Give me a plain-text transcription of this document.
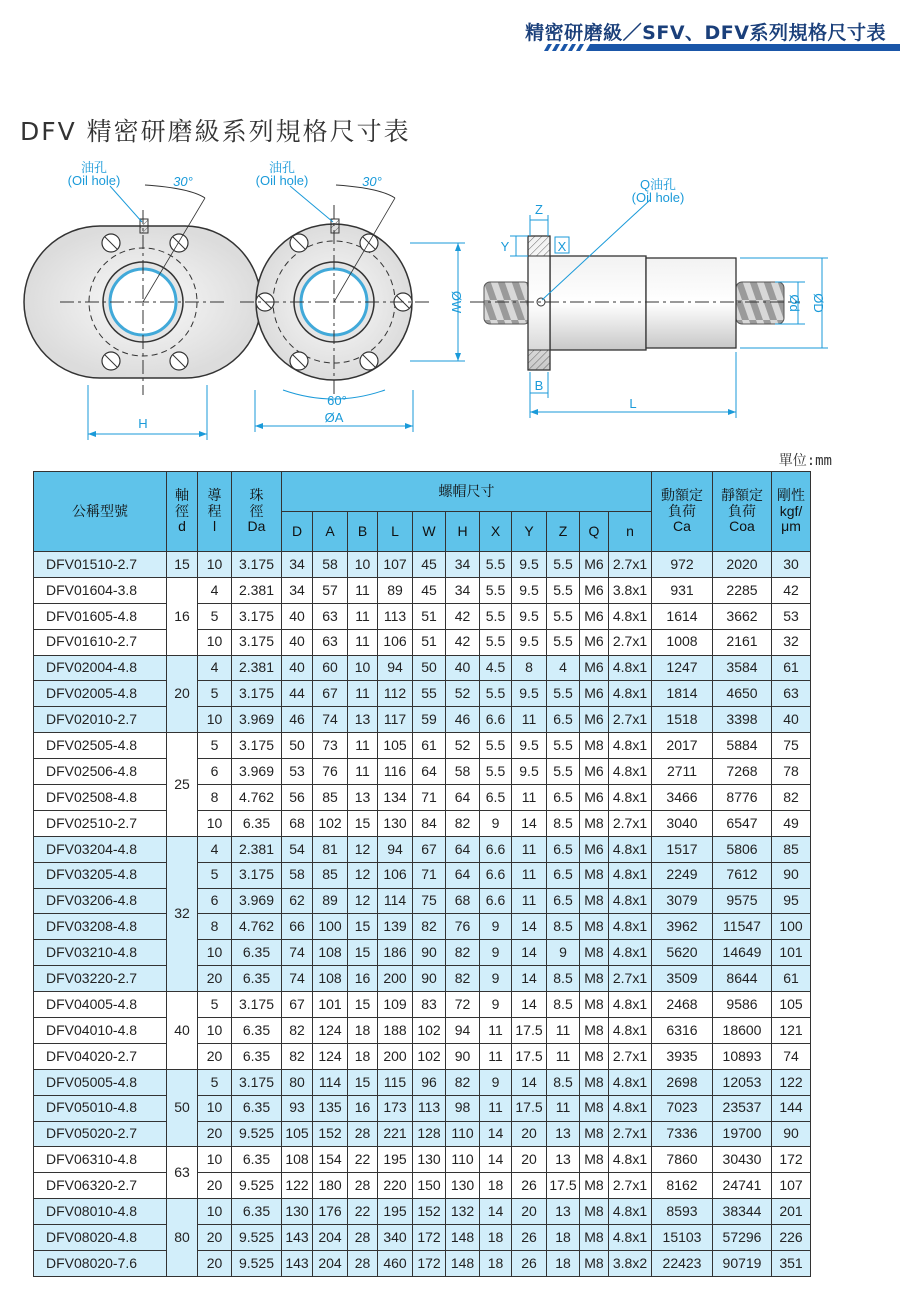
精密研磨級／SFV、DFV系列規格尺寸表
DFV 精密研磨級系列規格尺寸表
油孔
(Oil hole)	30°
H
油孔
(Oil hole)	30°
60°
ØA
ØW
Q油孔
(Oil hole)
Z
Y	X
B
L
Ød ØD
單位:mm
公稱型號	軸
徑
d	導
程
l	珠
徑
Da	螺帽尺寸											動額定
負荷
Ca	靜額定
負荷
Coa	剛性
kgf/
μm
				D	A	B	L	W	H	X	Y	Z	Q	n			
DFV01510-2.7	15	10	3.175	34	58	10	107	45	34	5.5	9.5	5.5	M6	2.7x1	972	2020	30
DFV01604-3.8	16	4	2.381	34	57	11	89	45	34	5.5	9.5	5.5	M6	3.8x1	931	2285	42
DFV01605-4.8		5	3.175	40	63	11	113	51	42	5.5	9.5	5.5	M6	4.8x1	1614	3662	53
DFV01610-2.7		10	3.175	40	63	11	106	51	42	5.5	9.5	5.5	M6	2.7x1	1008	2161	32
DFV02004-4.8	20	4	2.381	40	60	10	94	50	40	4.5	8	4	M6	4.8x1	1247	3584	61
DFV02005-4.8		5	3.175	44	67	11	112	55	52	5.5	9.5	5.5	M6	4.8x1	1814	4650	63
DFV02010-2.7		10	3.969	46	74	13	117	59	46	6.6	11	6.5	M6	2.7x1	1518	3398	40
DFV02505-4.8	25	5	3.175	50	73	11	105	61	52	5.5	9.5	5.5	M8	4.8x1	2017	5884	75
DFV02506-4.8		6	3.969	53	76	11	116	64	58	5.5	9.5	5.5	M6	4.8x1	2711	7268	78
DFV02508-4.8		8	4.762	56	85	13	134	71	64	6.5	11	6.5	M6	4.8x1	3466	8776	82
DFV02510-2.7		10	6.35	68	102	15	130	84	82	9	14	8.5	M8	2.7x1	3040	6547	49
DFV03204-4.8	32	4	2.381	54	81	12	94	67	64	6.6	11	6.5	M6	4.8x1	1517	5806	85
DFV03205-4.8		5	3.175	58	85	12	106	71	64	6.6	11	6.5	M8	4.8x1	2249	7612	90
DFV03206-4.8		6	3.969	62	89	12	114	75	68	6.6	11	6.5	M8	4.8x1	3079	9575	95
DFV03208-4.8		8	4.762	66	100	15	139	82	76	9	14	8.5	M8	4.8x1	3962	11547	100
DFV03210-4.8		10	6.35	74	108	15	186	90	82	9	14	9	M8	4.8x1	5620	14649	101
DFV03220-2.7		20	6.35	74	108	16	200	90	82	9	14	8.5	M8	2.7x1	3509	8644	61
DFV04005-4.8	40	5	3.175	67	101	15	109	83	72	9	14	8.5	M8	4.8x1	2468	9586	105
DFV04010-4.8		10	6.35	82	124	18	188	102	94	11	17.5	11	M8	4.8x1	6316	18600	121
DFV04020-2.7		20	6.35	82	124	18	200	102	90	11	17.5	11	M8	2.7x1	3935	10893	74
DFV05005-4.8	50	5	3.175	80	114	15	115	96	82	9	14	8.5	M8	4.8x1	2698	12053	122
DFV05010-4.8		10	6.35	93	135	16	173	113	98	11	17.5	11	M8	4.8x1	7023	23537	144
DFV05020-2.7		20	9.525	105	152	28	221	128	110	14	20	13	M8	2.7x1	7336	19700	90
DFV06310-4.8	63	10	6.35	108	154	22	195	130	110	14	20	13	M8	4.8x1	7860	30430	172
DFV06320-2.7		20	9.525	122	180	28	220	150	130	18	26	17.5	M8	2.7x1	8162	24741	107
DFV08010-4.8	80	10	6.35	130	176	22	195	152	132	14	20	13	M8	4.8x1	8593	38344	201
DFV08020-4.8		20	9.525	143	204	28	340	172	148	18	26	18	M8	4.8x1	15103	57296	226
DFV08020-7.6		20	9.525	143	204	28	460	172	148	18	26	18	M8	3.8x2	22423	90719	351
